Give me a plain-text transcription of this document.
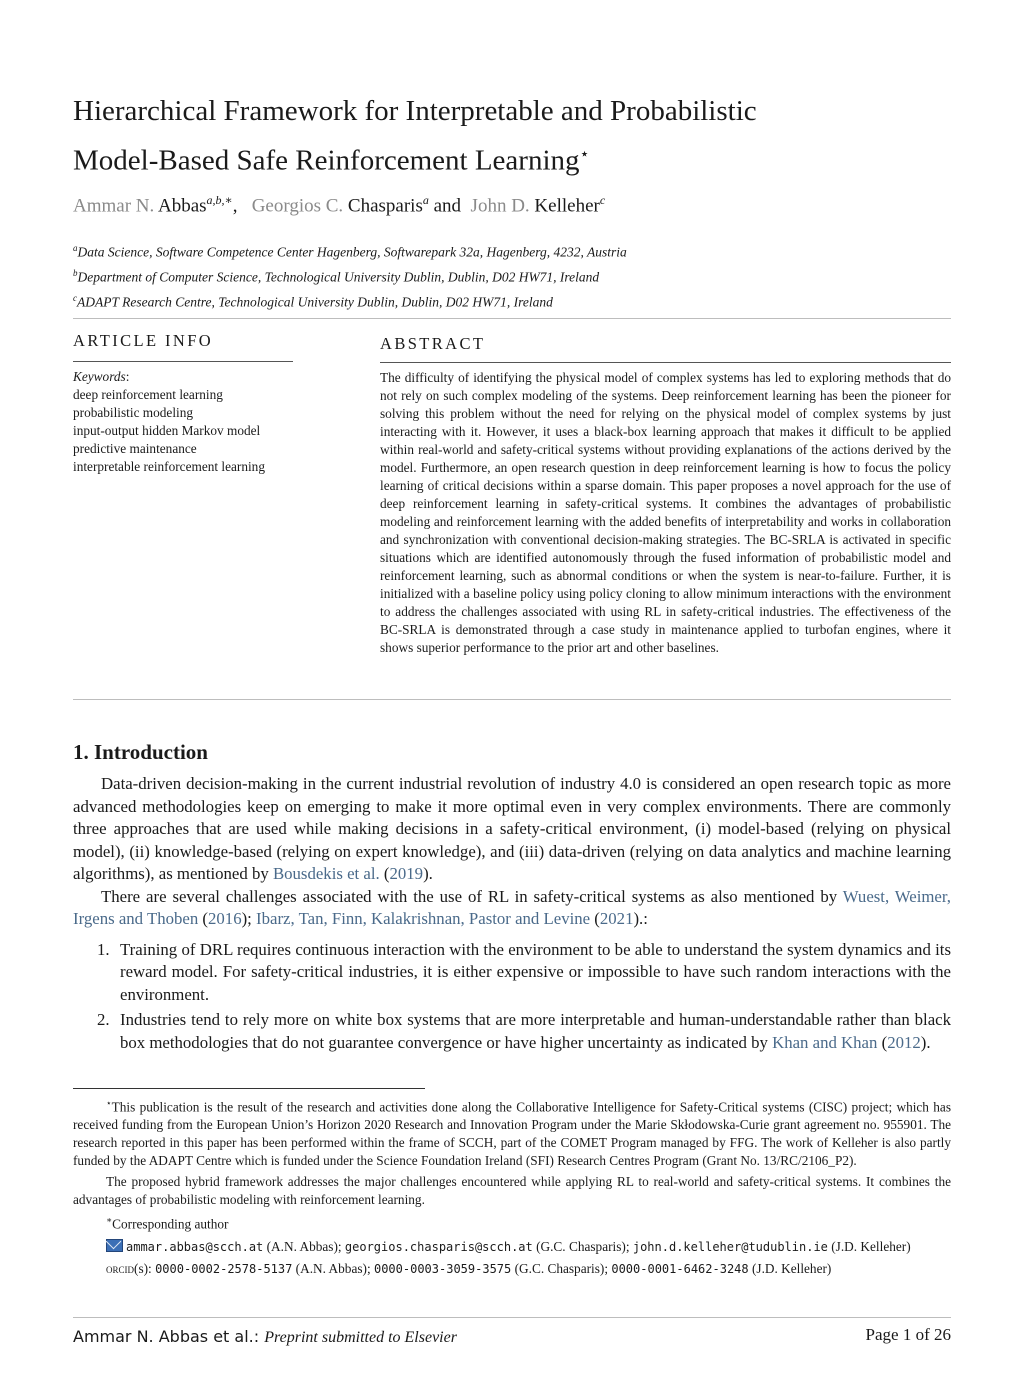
Hierarchical Framework for Interpretable and Probabilistic
Model-Based Safe Reinforcement Learning⋆
Ammar N. Abbas$^{a,b,∗}$, Georgios C. Chasparis$^a$ and John D. Kelleher$^c$
$^a$Data Science, Software Competence Center Hagenberg, Softwarepark 32a, Hagenberg, 4232, Austria
$^b$Department of Computer Science, Technological University Dublin, Dublin, D02 HW71, Ireland
$^c$ADAPT Research Centre, Technological University Dublin, Dublin, D02 HW71, Ireland
ARTICLE INFO
Keywords:
deep reinforcement learning
probabilistic modeling
input-output hidden Markov model
predictive maintenance
interpretable reinforcement learning
ABSTRACT
The difficulty of identifying the physical model of complex systems has led to exploring methods that do not rely on such complex modeling of the systems. Deep reinforcement learning has been the pioneer for solving this problem without the need for relying on the physical model of complex systems by just interacting with it. However, it uses a black-box learning approach that makes it difficult to be applied within real-world and safety-critical systems without providing explanations of the actions derived by the model. Furthermore, an open research question in deep reinforcement learning is how to focus the policy learning of critical decisions within a sparse domain. This paper proposes a novel approach for the use of deep reinforcement learning in safety-critical systems. It combines the advantages of probabilistic modeling and reinforcement learning with the added benefits of interpretability and works in collaboration and synchronization with conventional decision-making strategies. The BC-SRLA is activated in specific situations which are identified autonomously through the fused information of probabilistic model and reinforcement learning, such as abnormal conditions or when the system is near-to-failure. Further, it is initialized with a baseline policy using policy cloning to allow minimum interactions with the environment to address the challenges associated with using RL in safety-critical industries. The effectiveness of the BC-SRLA is demonstrated through a case study in maintenance applied to turbofan engines, where it shows superior performance to the prior art and other baselines.
1. Introduction

Data-driven decision-making in the current industrial revolution of industry 4.0 is considered an open research topic as more advanced methodologies keep on emerging to make it more optimal even in very complex environments. There are commonly three approaches that are used while making decisions in a safety-critical environment, (i) model-based (relying on physical model), (ii) knowledge-based (relying on expert knowledge), and (iii) data-driven (relying on data analytics and machine learning algorithms), as mentioned by Bousdekis et al. (2019).

There are several challenges associated with the use of RL in safety-critical systems as also mentioned by Wuest, Weimer, Irgens and Thoben (2016); Ibarz, Tan, Finn, Kalakrishnan, Pastor and Levine (2021).:

1. Training of DRL requires continuous interaction with the environment to be able to understand the system dynamics and its reward model. For safety-critical industries, it is either expensive or impossible to have such random interactions with the environment.
2. Industries tend to rely more on white box systems that are more interpretable and human-understandable rather than black box methodologies that do not guarantee convergence or have higher uncertainty as indicated by Khan and Khan (2012).

⋆This publication is the result of the research and activities done along the Collaborative Intelligence for Safety-Critical systems (CISC) project; which has received funding from the European Union’s Horizon 2020 Research and Innovation Program under the Marie Skłodowska-Curie grant agreement no. 955901. The research reported in this paper has been performed within the frame of SCCH, part of the COMET Program managed by FFG. The work of Kelleher is also partly funded by the ADAPT Centre which is funded under the Science Foundation Ireland (SFI) Research Centres Program (Grant No. 13/RC/2106_P2).

The proposed hybrid framework addresses the major challenges encountered while applying RL to real-world and safety-critical systems. It combines the advantages of probabilistic modeling with reinforcement learning.

∗Corresponding author

ammar.abbas@scch.at (A.N. Abbas); georgios.chasparis@scch.at (G.C. Chasparis); john.d.kelleher@tudublin.ie (J.D. Kelleher)

orcid(s): 0000-0002-2578-5137 (A.N. Abbas); 0000-0003-3059-3575 (G.C. Chasparis); 0000-0001-6462-3248 (J.D. Kelleher)

Ammar N. Abbas et al.: Preprint submitted to Elsevier	Page 1 of 26
